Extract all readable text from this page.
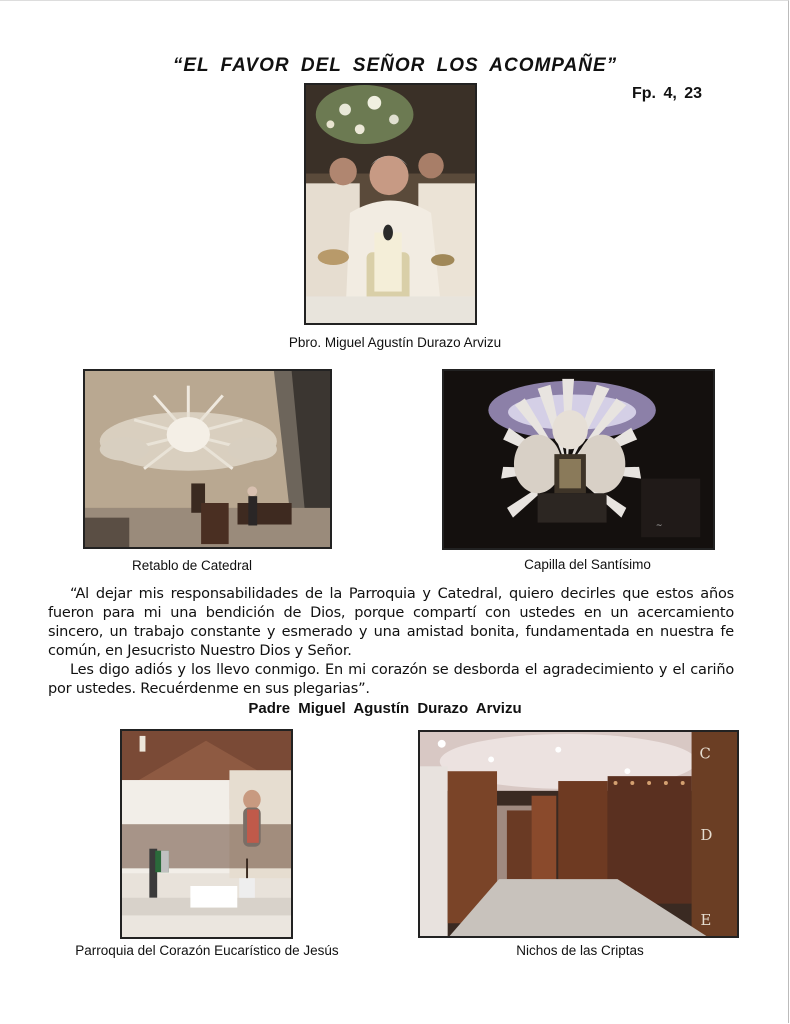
“EL FAVOR DEL SEÑOR LOS ACOMPAÑE”
Fp. 4, 23
Pbro. Miguel Agustín Durazo Arvizu
Retablo de Catedral
~
Capilla del Santísimo

“Al dejar mis responsabilidades de la Parroquia y Catedral, quiero decirles que estos años fueron para mi una bendición de Dios, porque compartí con ustedes en un acercamiento sincero, un trabajo constante y esmerado y una amistad bonita, fundamentada en nuestra fe común, en Jesucristo Nuestro Dios y Señor.

Les digo adiós y los llevo conmigo. En mi corazón se desborda el agradecimiento y el cariño por ustedes. Recuérdenme en sus plegarias”.

Padre Miguel Agustín Durazo Arvizu
Parroquia del Corazón Eucarístico de Jesús
C
D
E
Nichos de las Criptas
